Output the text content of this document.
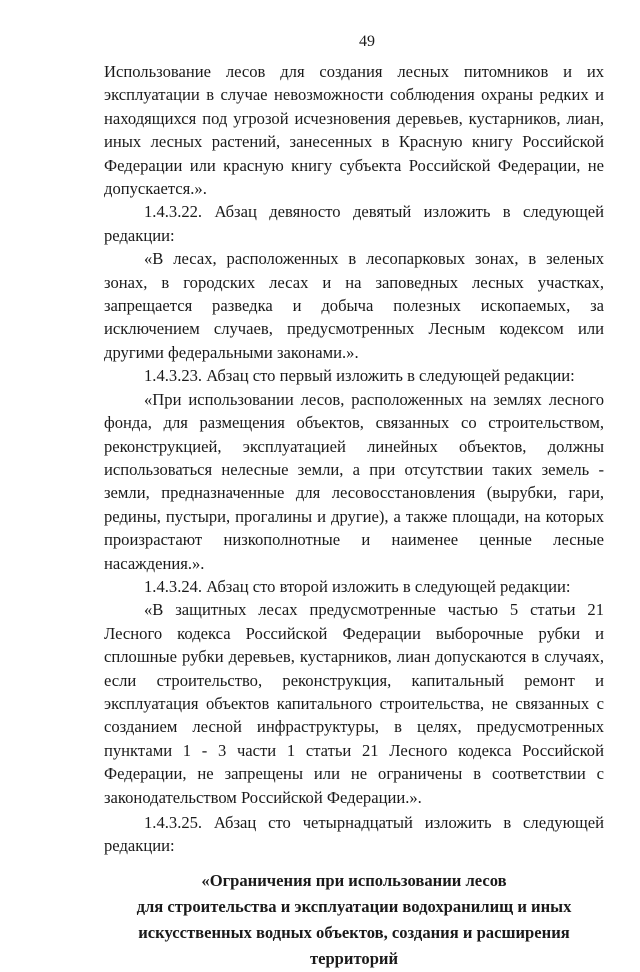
49

Использование лесов для создания лесных питомников и их эксплуатации в случае невозможности соблюдения охраны редких и находящихся под угрозой исчезновения деревьев, кустарников, лиан, иных лесных растений, занесенных в Красную книгу Российской Федерации или красную книгу субъекта Российской Федерации, не допускается.».

1.4.3.22. Абзац девяносто девятый изложить в следующей

редакции:

«В лесах, расположенных в лесопарковых зонах, в зеленых зонах, в городских лесах и на заповедных лесных участках, запрещается разведка и добыча полезных ископаемых, за исключением случаев, предусмотренных Лесным кодексом или другими федеральными законами.».

1.4.3.23. Абзац сто первый изложить в следующей редакции:

«При использовании лесов, расположенных на землях лесного фонда, для размещения объектов, связанных со строительством, реконструкцией, эксплуатацией линейных объектов, должны использоваться нелесные земли, а при отсутствии таких земель - земли, предназначенные для лесовосстановления (вырубки, гари, редины, пустыри, прогалины и другие), а также площади, на которых произрастают низкополнотные и наименее ценные лесные насаждения.».

1.4.3.24. Абзац сто второй изложить в следующей редакции:

«В защитных лесах предусмотренные частью 5 статьи 21 Лесного кодекса Российской Федерации выборочные рубки и сплошные рубки деревьев, кустарников, лиан допускаются в случаях, если строительство, реконструкция, капитальный ремонт и эксплуатация объектов капитального строительства, не связанных с созданием лесной инфраструктуры, в целях, предусмотренных пунктами 1 - 3 части 1 статьи 21 Лесного кодекса Российской Федерации, не запрещены или не ограничены в соответствии с законодательством Российской Федерации.».

1.4.3.25. Абзац сто четырнадцатый изложить в следующей

редакции:

«Ограничения при использовании лесов

для строительства и эксплуатации водохранилищ и иных

искусственных водных объектов, создания и расширения территорий
